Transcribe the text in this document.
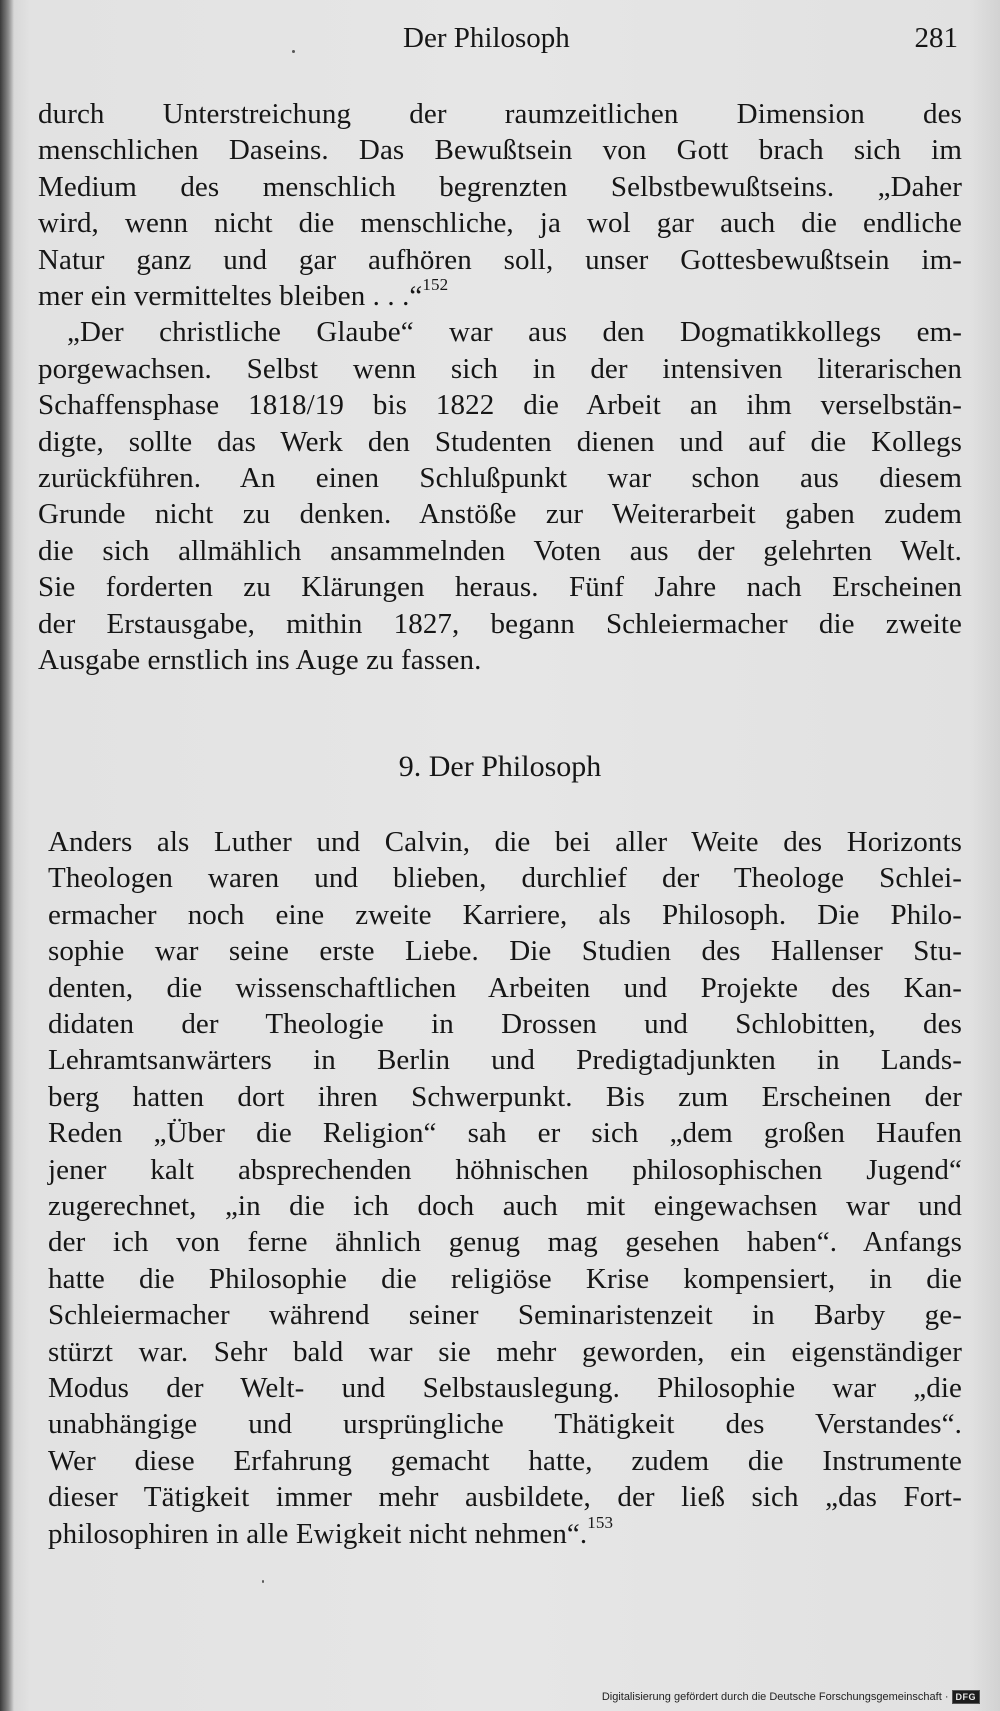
Der Philosoph	281
durch Unterstreichung der raumzeitlichen Dimension des
menschlichen Daseins. Das Bewußtsein von Gott brach sich im
Medium des menschlich begrenzten Selbstbewußtseins. „Daher
wird, wenn nicht die menschliche, ja wol gar auch die endliche
Natur ganz und gar aufhören soll, unser Gottesbewußtsein im-
mer ein vermitteltes bleiben . . .“$^{152}$
„Der christliche Glaube“ war aus den Dogmatikkollegs em-
porgewachsen. Selbst wenn sich in der intensiven literarischen
Schaffensphase 1818/19 bis 1822 die Arbeit an ihm verselbstän-
digte, sollte das Werk den Studenten dienen und auf die Kollegs
zurückführen. An einen Schlußpunkt war schon aus diesem
Grunde nicht zu denken. Anstöße zur Weiterarbeit gaben zudem
die sich allmählich ansammelnden Voten aus der gelehrten Welt.
Sie forderten zu Klärungen heraus. Fünf Jahre nach Erscheinen
der Erstausgabe, mithin 1827, begann Schleiermacher die zweite
Ausgabe ernstlich ins Auge zu fassen.
9. Der Philosoph
Anders als Luther und Calvin, die bei aller Weite des Horizonts
Theologen waren und blieben, durchlief der Theologe Schlei-
ermacher noch eine zweite Karriere, als Philosoph. Die Philo-
sophie war seine erste Liebe. Die Studien des Hallenser Stu-
denten, die wissenschaftlichen Arbeiten und Projekte des Kan-
didaten der Theologie in Drossen und Schlobitten, des
Lehramtsanwärters in Berlin und Predigtadjunkten in Lands-
berg hatten dort ihren Schwerpunkt. Bis zum Erscheinen der
Reden „Über die Religion“ sah er sich „dem großen Haufen
jener kalt absprechenden höhnischen philosophischen Jugend“
zugerechnet, „in die ich doch auch mit eingewachsen war und
der ich von ferne ähnlich genug mag gesehen haben“. Anfangs
hatte die Philosophie die religiöse Krise kompensiert, in die
Schleiermacher während seiner Seminaristenzeit in Barby ge-
stürzt war. Sehr bald war sie mehr geworden, ein eigenständiger
Modus der Welt- und Selbstauslegung. Philosophie war „die
unabhängige und ursprüngliche Thätigkeit des Verstandes“.
Wer diese Erfahrung gemacht hatte, zudem die Instrumente
dieser Tätigkeit immer mehr ausbildete, der ließ sich „das Fort-
philosophiren in alle Ewigkeit nicht nehmen“.$^{153}$
Digitalisierung gefördert durch die Deutsche Forschungsgemeinschaft · DFG
